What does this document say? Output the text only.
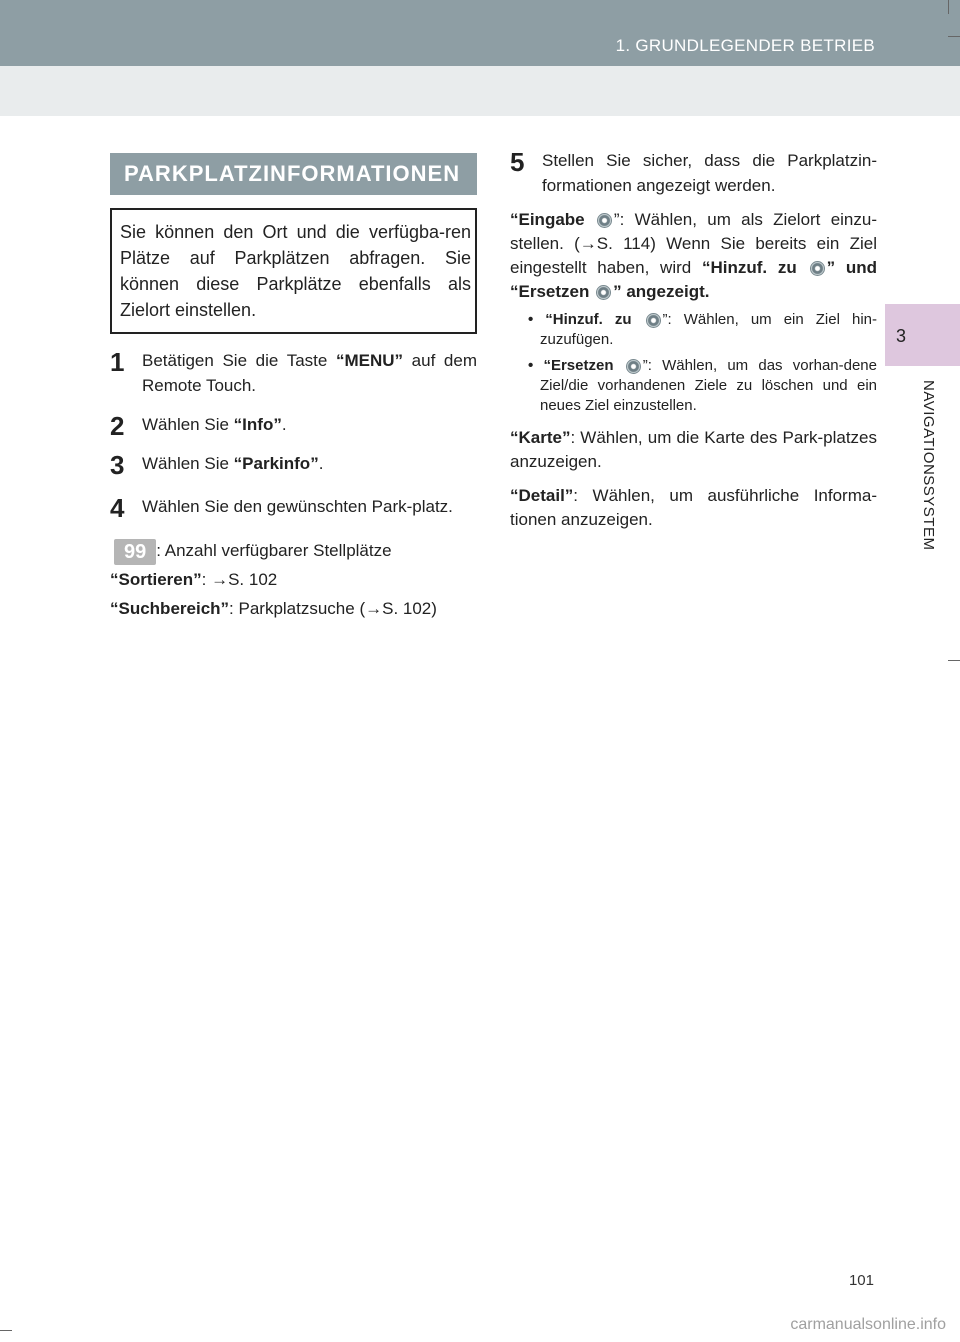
1. GRUNDLEGENDER BETRIEB
3
NAVIGATIONSSYSTEM
PARKPLATZINFORMATIONEN
Sie können den Ort und die verfügba-ren Plätze auf Parkplätzen abfragen. Sie können diese Parkplätze ebenfalls als Zielort einstellen.
1	Betätigen Sie die Taste “MENU” auf dem Remote Touch.
2	Wählen Sie “Info”.
3	Wählen Sie “Parkinfo”.
4	Wählen Sie den gewünschten Park-platz.
99 : Anzahl verfügbarer Stellplätze
“Sortieren”: →S. 102
“Suchbereich”: Parkplatzsuche (→S. 102)
5	Stellen Sie sicher, dass die Parkplatzin-formationen angezeigt werden.
“Eingabe ”: Wählen, um als Zielort einzu-stellen. (→S. 114) Wenn Sie bereits ein Ziel eingestellt haben, wird “Hinzuf. zu ” und “Ersetzen ” angezeigt.
• “Hinzuf. zu ”: Wählen, um ein Ziel hin-zuzufügen.
• “Ersetzen ”: Wählen, um das vorhan-dene Ziel/die vorhandenen Ziele zu löschen und ein neues Ziel einzustellen.
“Karte”: Wählen, um die Karte des Park-platzes anzuzeigen.
“Detail”: Wählen, um ausführliche Informa-tionen anzuzeigen.
101
carmanualsonline.info
